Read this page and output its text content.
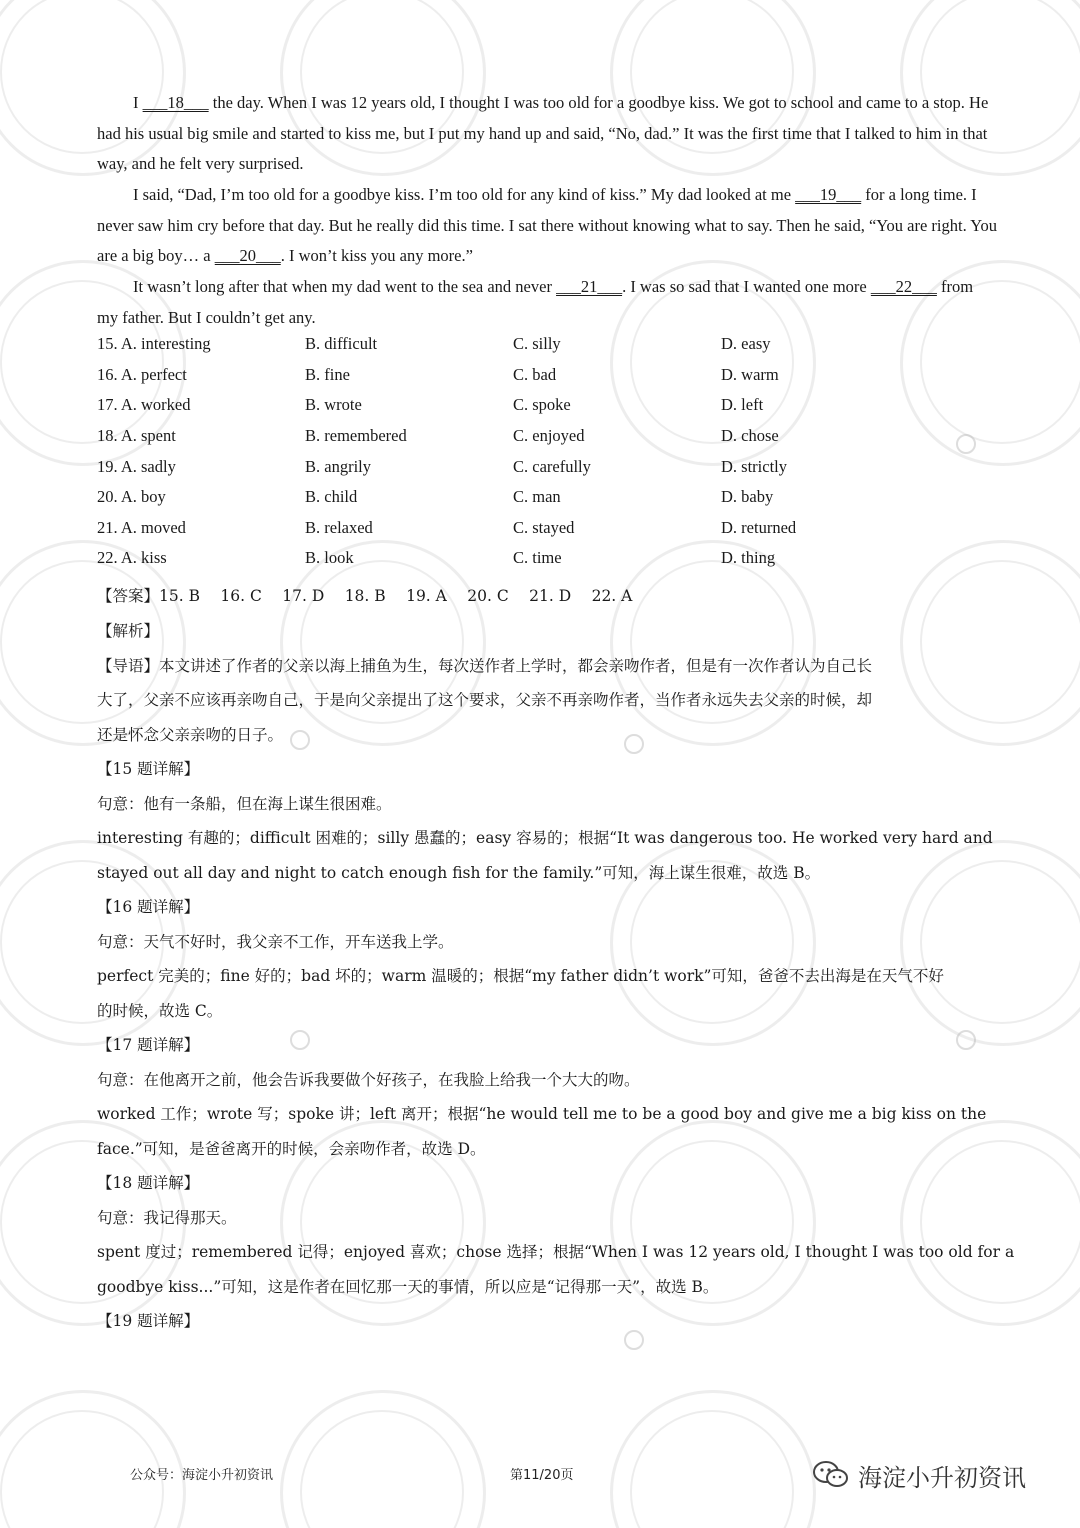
I ___18___ the day. When I was 12 years old, I thought I was too old for a goodbye kiss. We got to school and came to a stop. He had his usual big smile and started to kiss me, but I put my hand up and said, “No, dad.” It was the first time that I talked to him in that way, and he felt very surprised.
I said, “Dad, I’m too old for a goodbye kiss. I’m too old for any kind of kiss.” My dad looked at me ___19___ for a long time. I never saw him cry before that day. But he really did this time. I sat there without knowing what to say. Then he said, “You are right. You are a big boy… a ___20___. I won’t kiss you any more.”
It wasn’t long after that when my dad went to the sea and never ___21___. I was so sad that I wanted one more ___22___ from my father. But I couldn’t get any.
15. A. interesting	B. difficult	C. silly	D. easy
16. A. perfect	B. fine	C. bad	D. warm
17. A. worked	B. wrote	C. spoke	D. left
18. A. spent	B. remembered	C. enjoyed	D. chose
19. A. sadly	B. angrily	C. carefully	D. strictly
20. A. boy	B. child	C. man	D. baby
21. A. moved	B. relaxed	C. stayed	D. returned
22. A. kiss	B. look	C. time	D. thing
【答案】15. B  16. C  17. D  18. B  19. A  20. C  21. D  22. A
【解析】
【导语】本文讲述了作者的父亲以海上捕鱼为生，每次送作者上学时，都会亲吻作者，但是有一次作者认为自己长
大了，父亲不应该再亲吻自己，于是向父亲提出了这个要求，父亲不再亲吻作者，当作者永远失去父亲的时候，却
还是怀念父亲亲吻的日子。
【15 题详解】
句意：他有一条船，但在海上谋生很困难。
interesting 有趣的；difficult 困难的；silly 愚蠢的；easy 容易的；根据“It was dangerous too. He worked very hard and
stayed out all day and night to catch enough fish for the family.”可知，海上谋生很难，故选 B。
【16 题详解】
句意：天气不好时，我父亲不工作，开车送我上学。
perfect 完美的；fine 好的；bad 坏的；warm 温暖的；根据“my father didn’t work”可知，爸爸不去出海是在天气不好
的时候，故选 C。
【17 题详解】
句意：在他离开之前，他会告诉我要做个好孩子，在我脸上给我一个大大的吻。
worked 工作；wrote 写；spoke 讲；left 离开；根据“he would tell me to be a good boy and give me a big kiss on the
face.”可知，是爸爸离开的时候，会亲吻作者，故选 D。
【18 题详解】
句意：我记得那天。
spent 度过；remembered 记得；enjoyed 喜欢；chose 选择；根据“When I was 12 years old, I thought I was too old for a
goodbye kiss...”可知，这是作者在回忆那一天的事情，所以应是“记得那一天”，故选 B。
【19 题详解】
公众号：海淀小升初资讯	第11/20页	海淀小升初资讯
